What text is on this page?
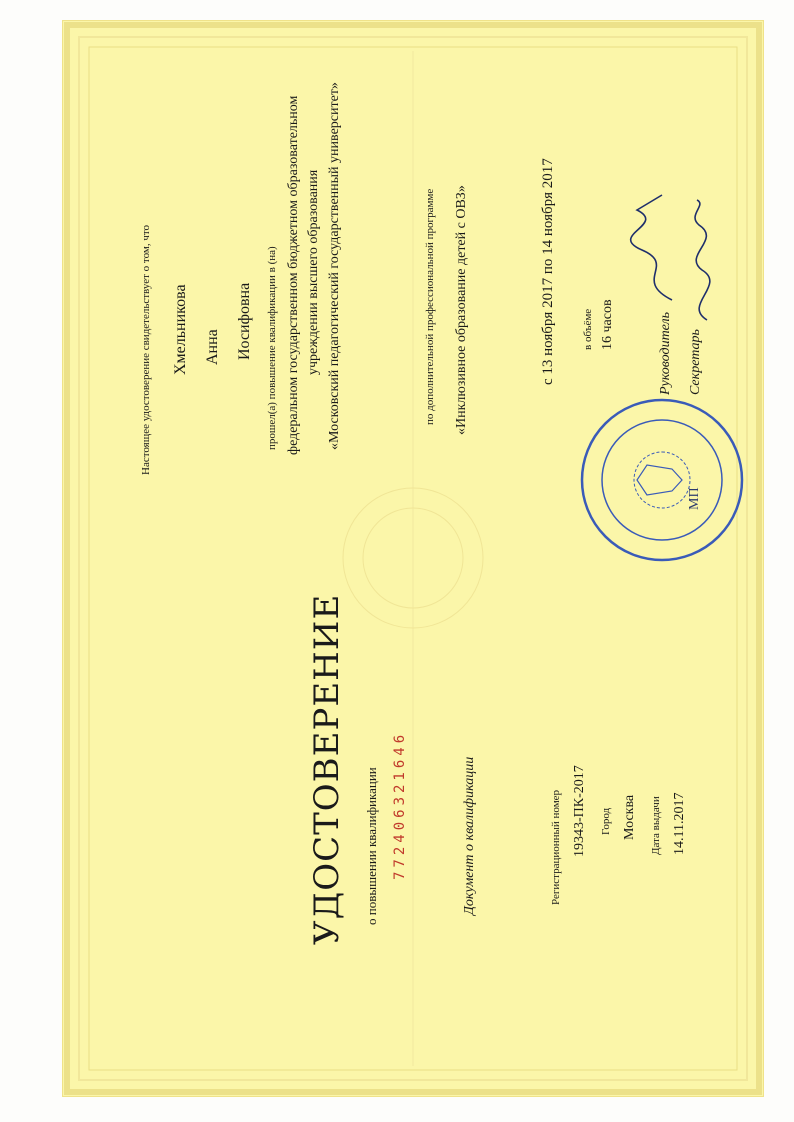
УДОСТОВЕРЕНИЕ о повышении квалификации 772406321646	Документ о квалификации	Регистрационный номер 19343-ПК-2017 Город Москва Дата выдачи 14.11.2017
Настоящее удостоверение свидетельствует о том, что Хмельникова Анна Иосифовна прошел(а) повышение квалификации в (на) федеральном государственном бюджетном образовательном учреждении высшего образования «Московский педагогический государственный университет»	по дополнительной профессиональной программе «Инклюзивное образование детей с ОВЗ»	с 13 ноября 2017 по 14 ноября 2017 в объёме 16 часов	Руководитель Секретарь
МП
